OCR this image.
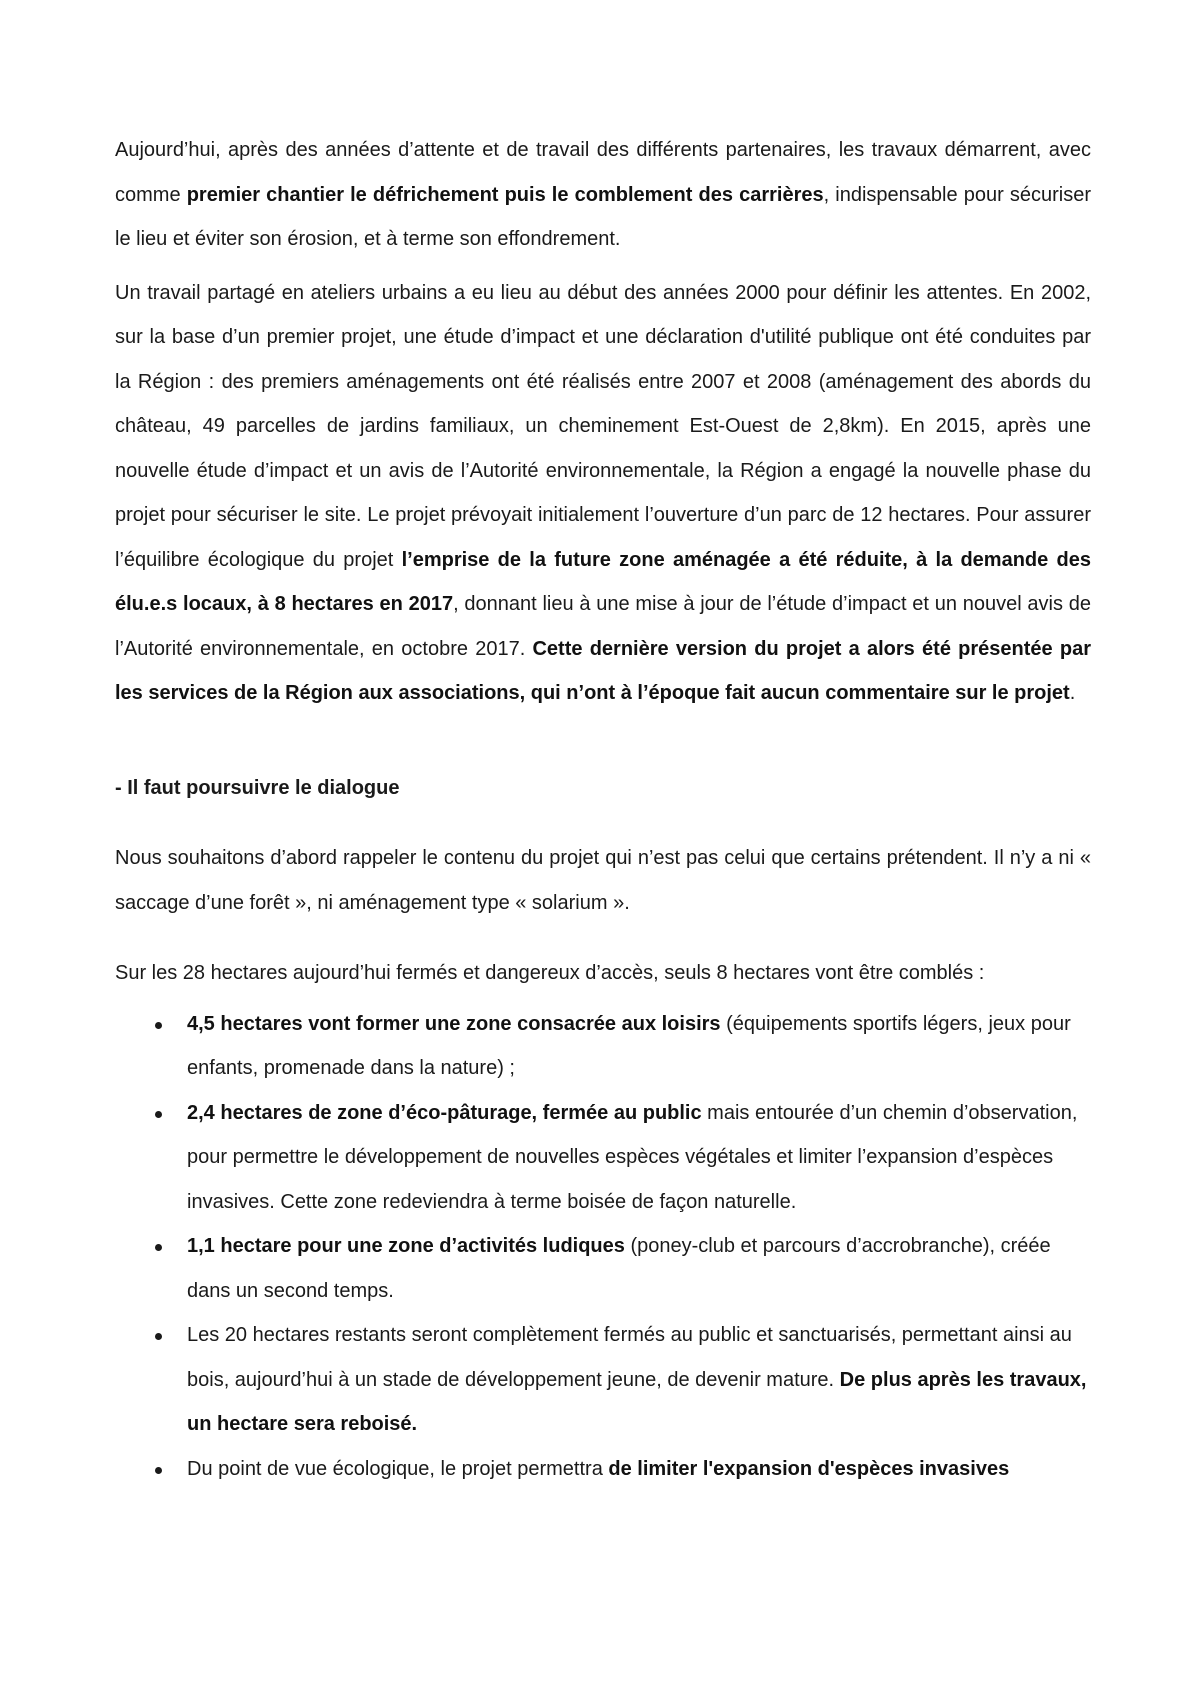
Aujourd’hui, après des années d’attente et de travail des différents partenaires, les travaux démarrent, avec comme premier chantier le défrichement puis le comblement des carrières, indispensable pour sécuriser le lieu et éviter son érosion, et à terme son effondrement.

Un travail partagé en ateliers urbains a eu lieu au début des années 2000 pour définir les attentes. En 2002, sur la base d’un premier projet, une étude d’impact et une déclaration d'utilité publique ont été conduites par la Région : des premiers aménagements ont été réalisés entre 2007 et 2008 (aménagement des abords du château, 49 parcelles de jardins familiaux, un cheminement Est-Ouest de 2,8km). En 2015, après une nouvelle étude d’impact et un avis de l’Autorité environnementale, la Région a engagé la nouvelle phase du projet pour sécuriser le site. Le projet prévoyait initialement l’ouverture d’un parc de 12 hectares. Pour assurer l’équilibre écologique du projet l’emprise de la future zone aménagée a été réduite, à la demande des élu.e.s locaux, à 8 hectares en 2017, donnant lieu à une mise à jour de l’étude d’impact et un nouvel avis de l’Autorité environnementale, en octobre 2017. Cette dernière version du projet a alors été présentée par les services de la Région aux associations, qui n’ont à l’époque fait aucun commentaire sur le projet.

- Il faut poursuivre le dialogue

Nous souhaitons d’abord rappeler le contenu du projet qui n’est pas celui que certains prétendent. Il n’y a ni « saccage d’une forêt », ni aménagement type « solarium ».

Sur les 28 hectares aujourd’hui fermés et dangereux d’accès, seuls 8 hectares vont être comblés :

4,5 hectares vont former une zone consacrée aux loisirs (équipements sportifs légers, jeux pour enfants, promenade dans la nature) ;
2,4 hectares de zone d’éco-pâturage, fermée au public mais entourée d’un chemin d’observation, pour permettre le développement de nouvelles espèces végétales et limiter l’expansion d’espèces invasives. Cette zone redeviendra à terme boisée de façon naturelle.
1,1 hectare pour une zone d’activités ludiques (poney-club et parcours d’accrobranche), créée dans un second temps.
Les 20 hectares restants seront complètement fermés au public et sanctuarisés, permettant ainsi au bois, aujourd’hui à un stade de développement jeune, de devenir mature. De plus après les travaux, un hectare sera reboisé.
Du point de vue écologique, le projet permettra de limiter l'expansion d'espèces invasives
